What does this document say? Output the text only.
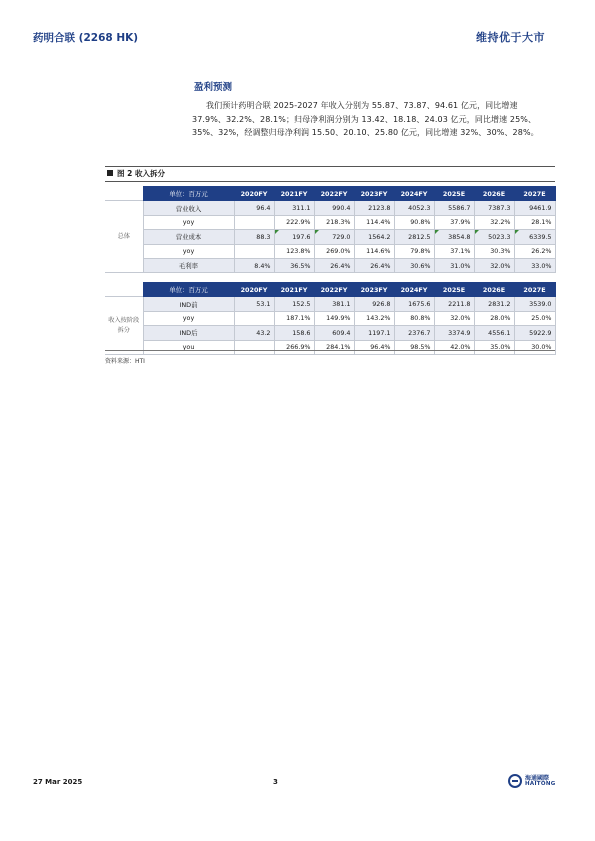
药明合联 (2268 HK)	维持优于大市
盈利预测
我们预计药明合联 2025-2027 年收入分别为 55.87、73.87、94.61 亿元，同比增速 37.9%、32.2%、28.1%；归母净利润分别为 13.42、18.18、24.03 亿元，同比增速 25%、35%、32%，经调整归母净利润 15.50、20.10、25.80 亿元，同比增速 32%、30%、28%。
图 2 收入拆分
	单位：百万元	2020FY	2021FY	2022FY	2023FY	2024FY	2025E	2026E	2027E
总体	营业收入	96.4	311.1	990.4	2123.8	4052.3	5586.7	7387.3	9461.9
	yoy		222.9%	218.3%	114.4%	90.8%	37.9%	32.2%	28.1%
	营业成本	88.3	197.6	729.0	1564.2	2812.5	3854.8	5023.3	6339.5
	yoy		123.8%	269.0%	114.6%	79.8%	37.1%	30.3%	26.2%
	毛利率	8.4%	36.5%	26.4%	26.4%	30.6%	31.0%	32.0%	33.0%
	单位：百万元	2020FY	2021FY	2022FY	2023FY	2024FY	2025E	2026E	2027E
收入按阶段拆分	IND前	53.1	152.5	381.1	926.8	1675.6	2211.8	2831.2	3539.0
	yoy		187.1%	149.9%	143.2%	80.8%	32.0%	28.0%	25.0%
	IND后	43.2	158.6	609.4	1197.1	2376.7	3374.9	4556.1	5922.9
	you		266.9%	284.1%	96.4%	98.5%	42.0%	35.0%	30.0%
资料来源：HTI
27 Mar 2025	3	海通國際
HAITONG
